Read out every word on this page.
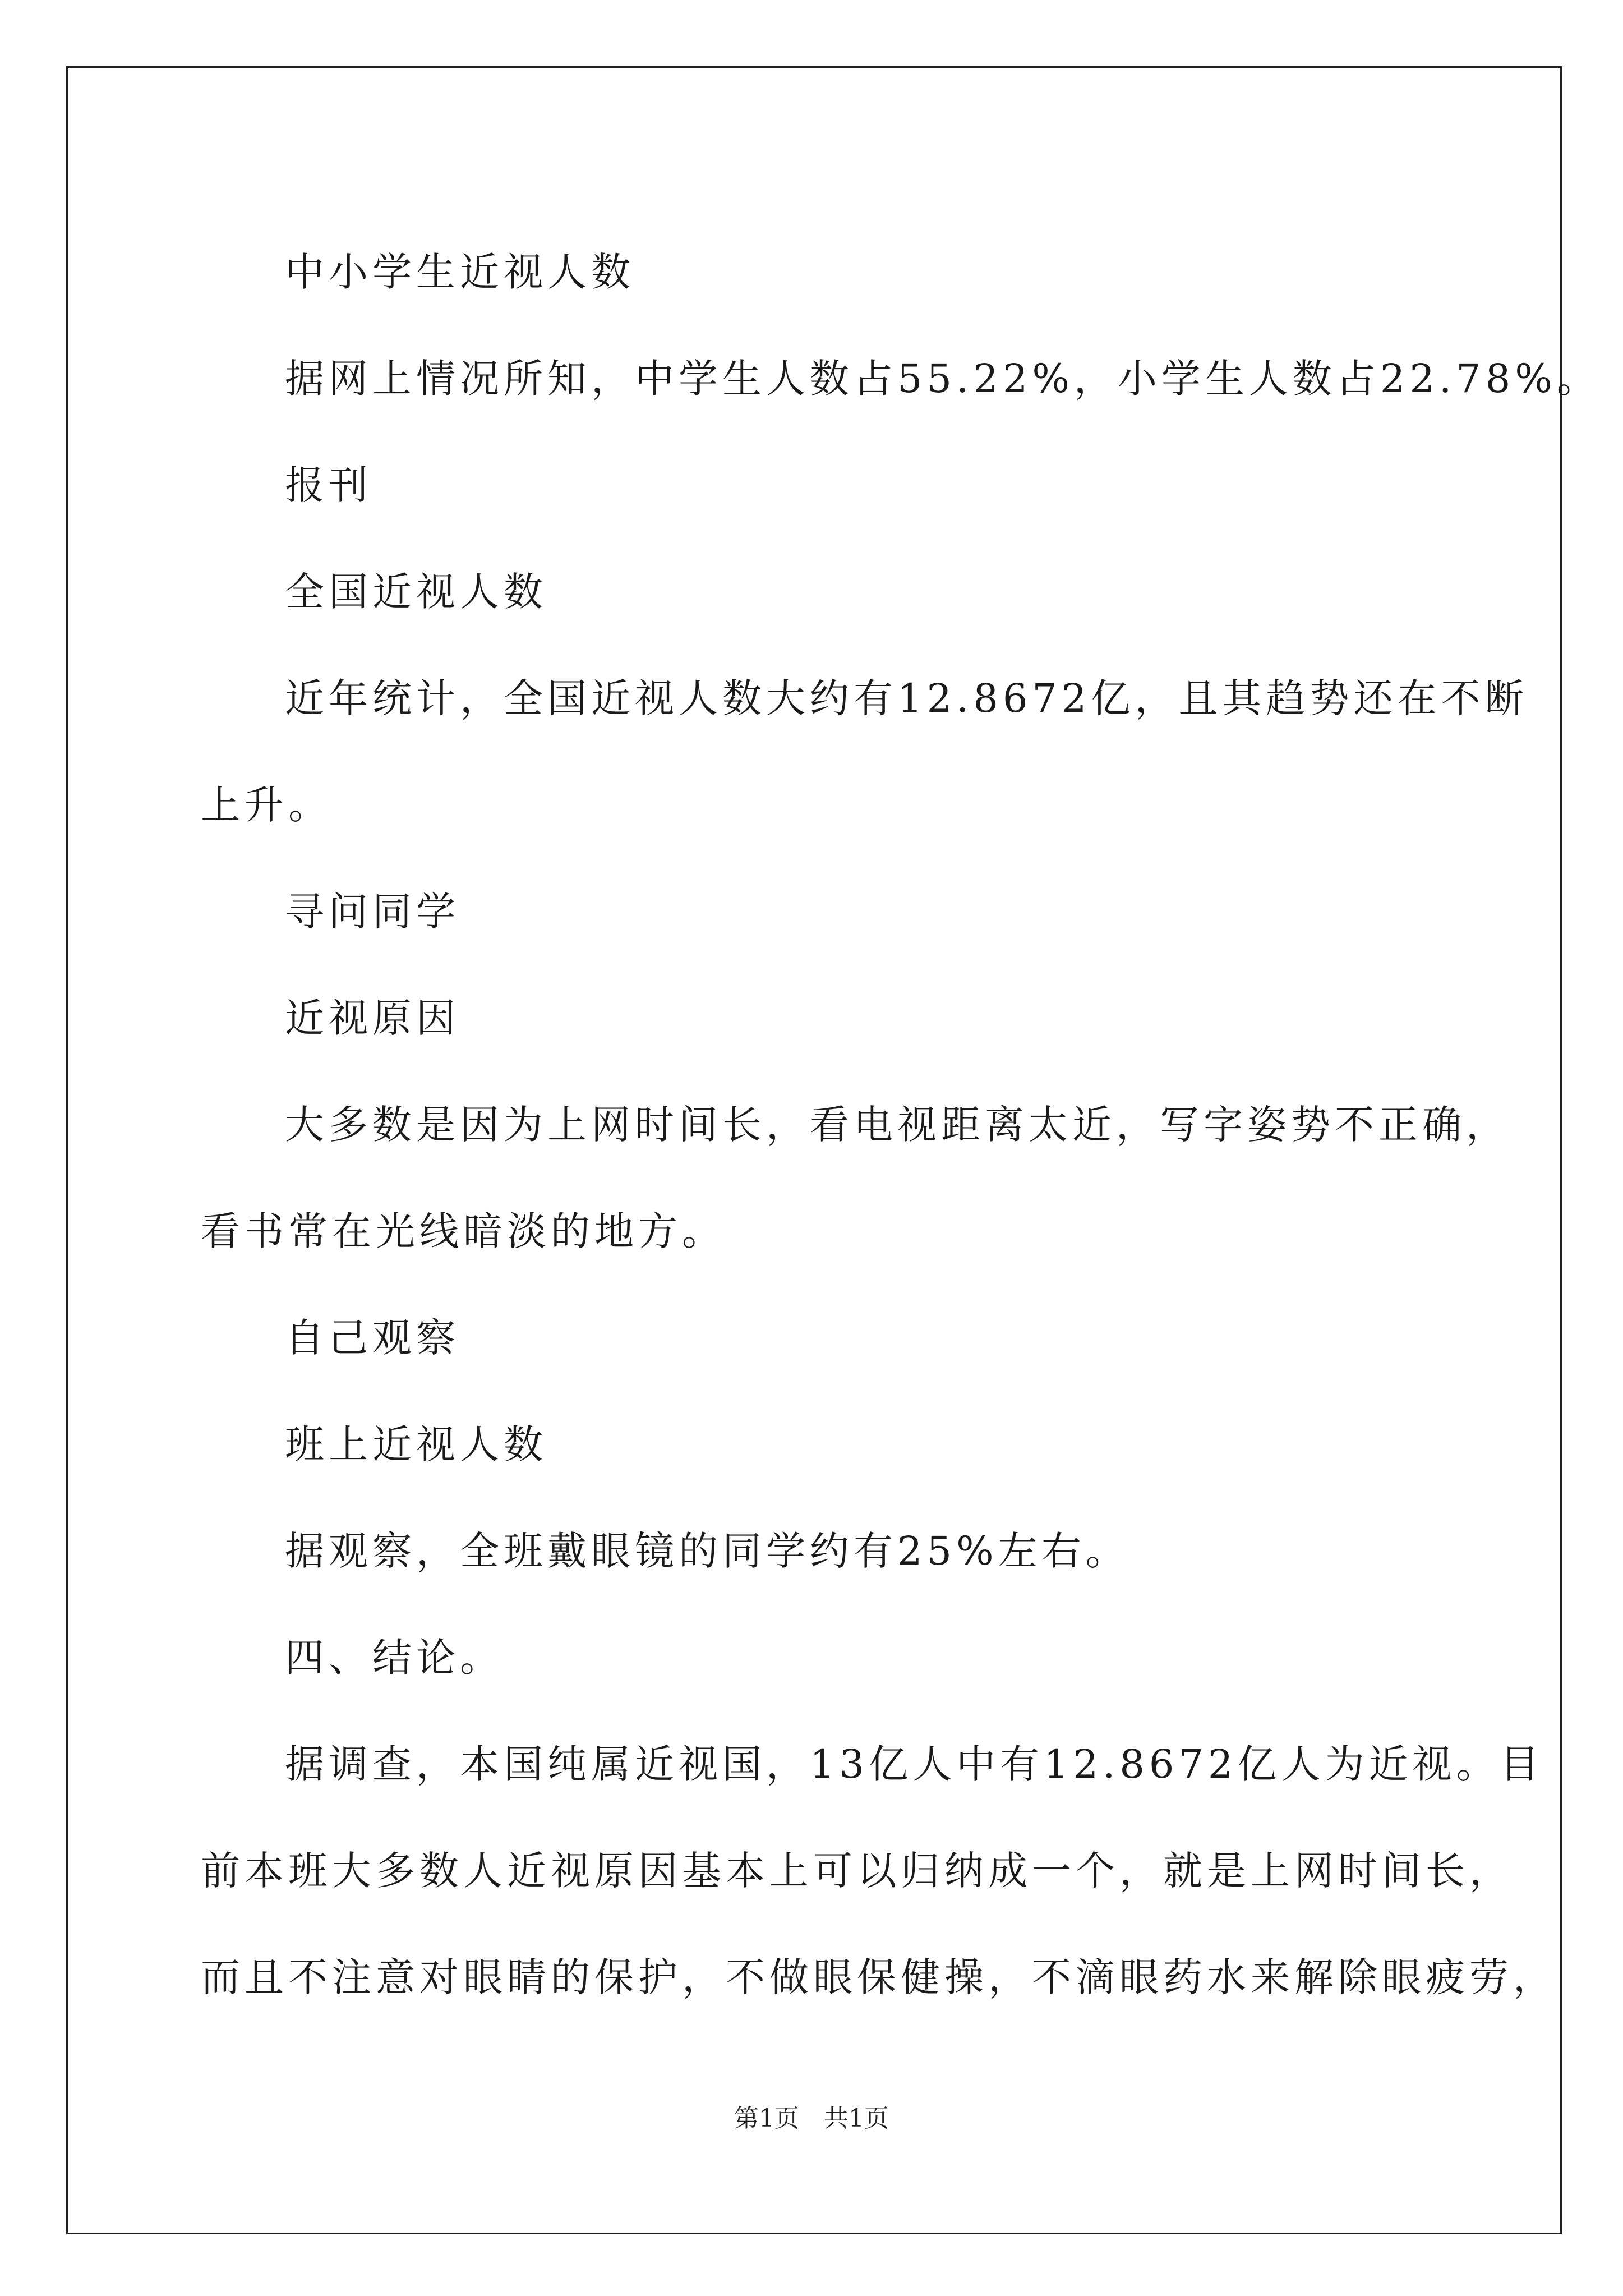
中小学生近视人数

据网上情况所知，中学生人数占55.22%，小学生人数占22.78%。

报刊

全国近视人数

近年统计，全国近视人数大约有12.8672亿，且其趋势还在不断

上升。

寻问同学

近视原因

大多数是因为上网时间长，看电视距离太近，写字姿势不正确，

看书常在光线暗淡的地方。

自己观察

班上近视人数

据观察，全班戴眼镜的同学约有25%左右。

四、结论。

据调查，本国纯属近视国，13亿人中有12.8672亿人为近视。目

前本班大多数人近视原因基本上可以归纳成一个，就是上网时间长，

而且不注意对眼睛的保护，不做眼保健操，不滴眼药水来解除眼疲劳，

第1页　共1页
